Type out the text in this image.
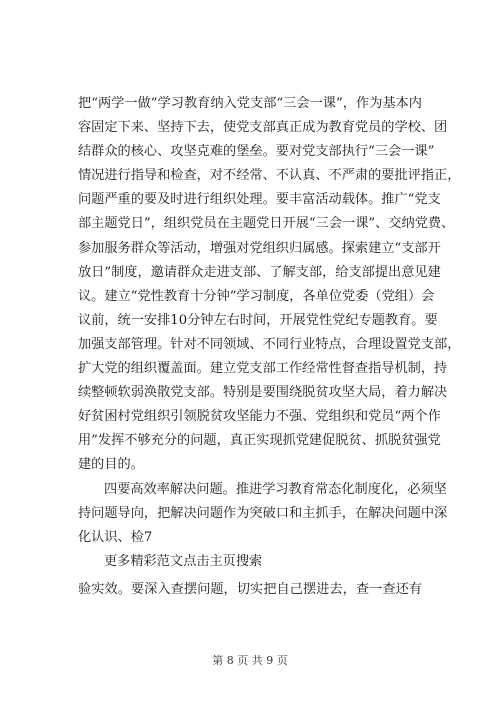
把“两学一做”学习教育纳入党支部“三会一课”，作为基本内
容固定下来、坚持下去，使党支部真正成为教育党员的学校、团
结群众的核心、攻坚克难的堡垒。要对党支部执行“三会一课”
情况进行指导和检查，对不经常、不认真、不严肃的要批评指正，
问题严重的要及时进行组织处理。要丰富活动载体。推广“党支
部主题党日”，组织党员在主题党日开展“三会一课”、交纳党费、
参加服务群众等活动，增强对党组织归属感。探索建立“支部开
放日”制度，邀请群众走进支部、了解支部，给支部提出意见建
议。建立“党性教育十分钟”学习制度，各单位党委（党组）会
议前，统一安排10分钟左右时间，开展党性党纪专题教育。要
加强支部管理。针对不同领域、不同行业特点，合理设置党支部，
扩大党的组织覆盖面。建立党支部工作经常性督查指导机制，持
续整顿软弱涣散党支部。特别是要围绕脱贫攻坚大局，着力解决
好贫困村党组织引领脱贫攻坚能力不强、党组织和党员“两个作
用”发挥不够充分的问题，真正实现抓党建促脱贫、抓脱贫强党
建的目的。
四要高效率解决问题。推进学习教育常态化制度化，必须坚
持问题导向，把解决问题作为突破口和主抓手，在解决问题中深
化认识、检7
更多精彩范文点击主页搜索
验实效。要深入查摆问题，切实把自己摆进去，查一查还有
第 8 页 共 9 页
